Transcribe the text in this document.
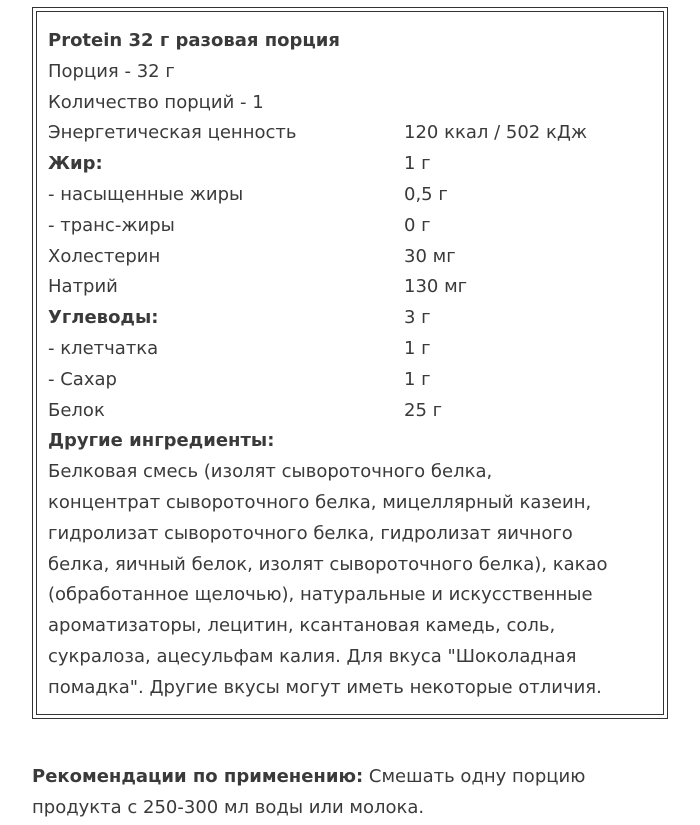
Protein 32 г разовая порция
Порция - 32 г
Количество порций - 1
Энергетическая ценность	120 ккал / 502 кДж
Жир:	1 г
- насыщенные жиры	0,5 г
- транс-жиры	0 г
Холестерин	30 мг
Натрий	130 мг
Углеводы:	3 г
- клетчатка	1 г
- Сахар	1 г
Белок	25 г
Другие ингредиенты:
Белковая смесь (изолят сывороточного белка, концентрат сывороточного белка, мицеллярный казеин, гидролизат сывороточного белка, гидролизат яичного белка, яичный белок, изолят сывороточного белка), какао (обработанное щелочью), натуральные и искусственные ароматизаторы, лецитин, ксантановая камедь, соль, сукралоза, ацесульфам калия. Для вкуса "Шоколадная помадка". Другие вкусы могут иметь некоторые отличия.
Рекомендации по применению: Смешать одну порцию продукта с 250-300 мл воды или молока.
